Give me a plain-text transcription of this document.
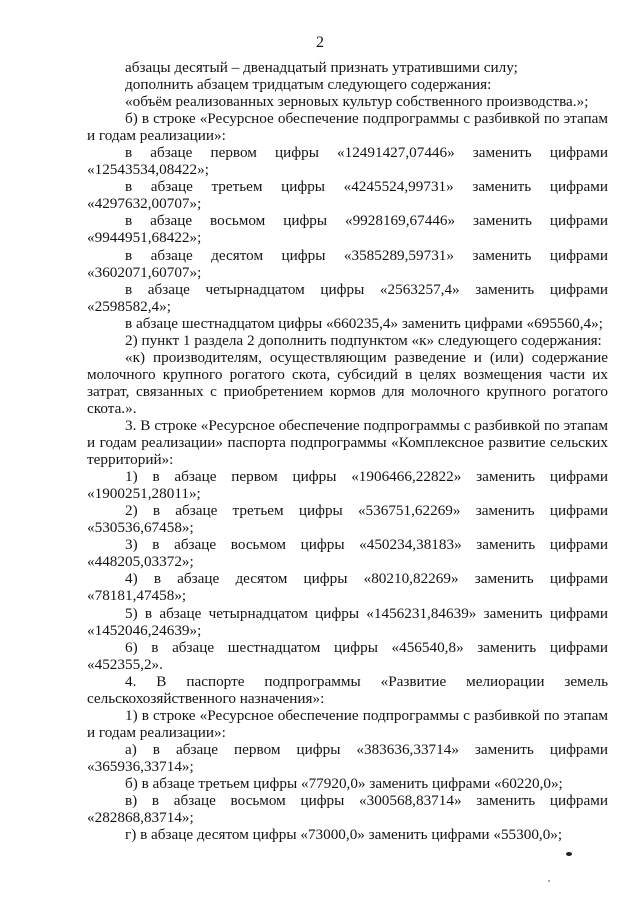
2

абзацы десятый – двенадцатый признать утратившими силу;

дополнить абзацем тридцатым следующего содержания:

«объём реализованных зерновых культур собственного производства.»;

б) в строке «Ресурсное обеспечение подпрограммы с разбивкой по этапам и годам реализации»:

в абзаце первом цифры «12491427,07446» заменить цифрами «12543534,08422»;

в абзаце третьем цифры «4245524,99731» заменить цифрами «4297632,00707»;

в абзаце восьмом цифры «9928169,67446» заменить цифрами «9944951,68422»;

в абзаце десятом цифры «3585289,59731» заменить цифрами «3602071,60707»;

в абзаце четырнадцатом цифры «2563257,4» заменить цифрами «2598582,4»;

в абзаце шестнадцатом цифры «660235,4» заменить цифрами «695560,4»;

2) пункт 1 раздела 2 дополнить подпунктом «к» следующего содержания:

«к) производителям, осуществляющим разведение и (или) содержание молочного крупного рогатого скота, субсидий в целях возмещения части их затрат, связанных с приобретением кормов для молочного крупного рогатого скота.».

3. В строке «Ресурсное обеспечение подпрограммы с разбивкой по этапам и годам реализации» паспорта подпрограммы «Комплексное развитие сельских территорий»:

1) в абзаце первом цифры «1906466,22822» заменить цифрами «1900251,28011»;

2) в абзаце третьем цифры «536751,62269» заменить цифрами «530536,67458»;

3) в абзаце восьмом цифры «450234,38183» заменить цифрами «448205,03372»;

4) в абзаце десятом цифры «80210,82269» заменить цифрами «78181,47458»;

5) в абзаце четырнадцатом цифры «1456231,84639» заменить цифрами «1452046,24639»;

6) в абзаце шестнадцатом цифры «456540,8» заменить цифрами «452355,2».

4. В паспорте подпрограммы «Развитие мелиорации земель сельскохозяйственного назначения»:

1) в строке «Ресурсное обеспечение подпрограммы с разбивкой по этапам и годам реализации»:

а) в абзаце первом цифры «383636,33714» заменить цифрами «365936,33714»;

б) в абзаце третьем цифры «77920,0» заменить цифрами «60220,0»;

в) в абзаце восьмом цифры «300568,83714» заменить цифрами «282868,83714»;

г) в абзаце десятом цифры «73000,0» заменить цифрами «55300,0»;
